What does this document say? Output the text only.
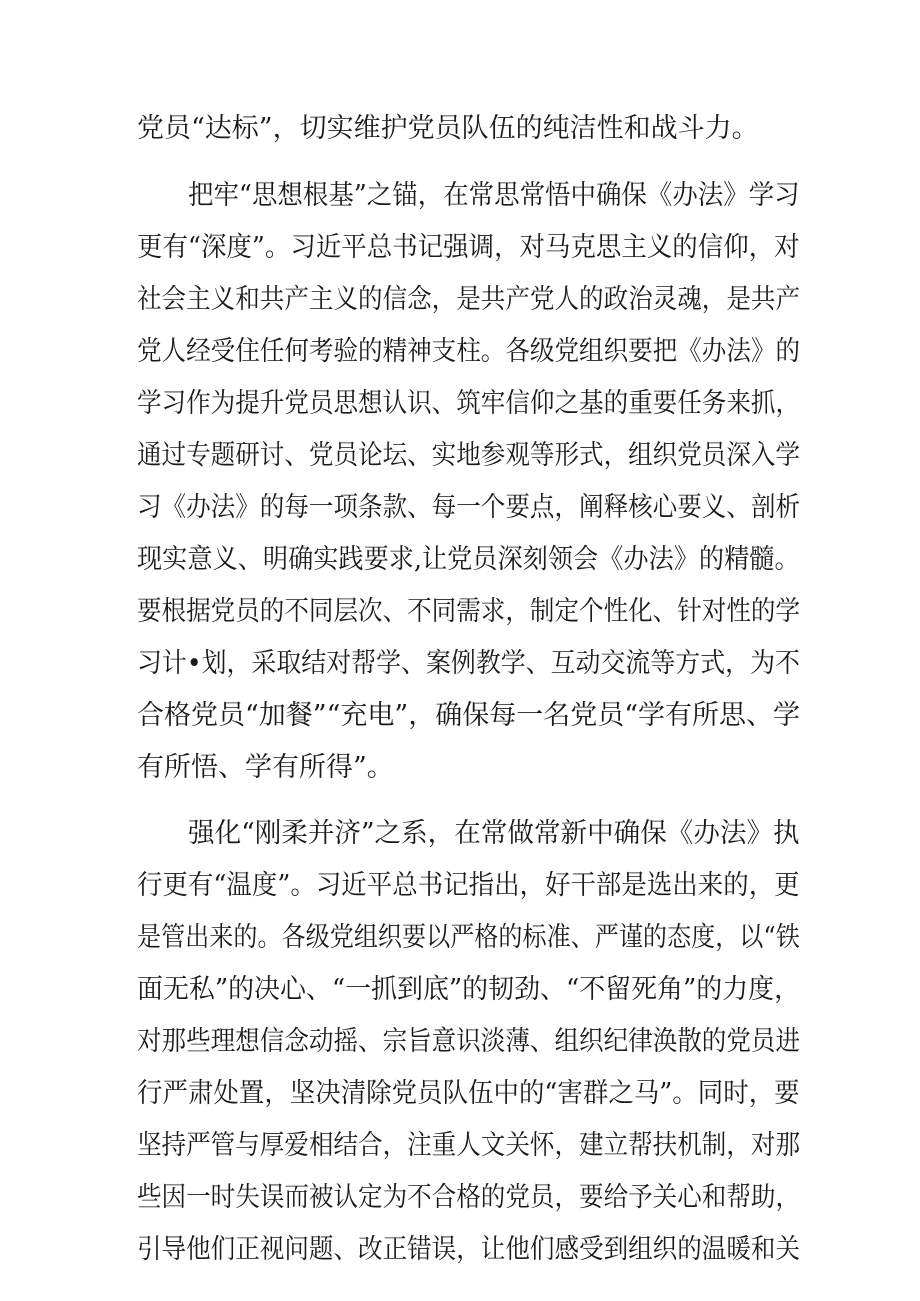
党员“达标”，切实维护党员队伍的纯洁性和战斗力。
把牢“思想根基”之锚，在常思常悟中确保《办法》学习
更有“深度”。习近平总书记强调，对马克思主义的信仰，对
社会主义和共产主义的信念，是共产党人的政治灵魂，是共产
党人经受住任何考验的精神支柱。各级党组织要把《办法》的
学习作为提升党员思想认识、筑牢信仰之基的重要任务来抓，
通过专题研讨、党员论坛、实地参观等形式，组织党员深入学
习《办法》的每一项条款、每一个要点，阐释核心要义、剖析
现实意义、明确实践要求,让党员深刻领会《办法》的精髓。
要根据党员的不同层次、不同需求，制定个性化、针对性的学
习计•划，采取结对帮学、案例教学、互动交流等方式，为不
合格党员“加餐”“充电”，确保每一名党员“学有所思、学
有所悟、学有所得”。
强化“刚柔并济”之系，在常做常新中确保《办法》执
行更有“温度”。习近平总书记指出，好干部是选出来的，更
是管出来的。各级党组织要以严格的标准、严谨的态度，以“铁
面无私”的决心、“一抓到底”的韧劲、“不留死角”的力度，
对那些理想信念动摇、宗旨意识淡薄、组织纪律涣散的党员进
行严肃处置，坚决清除党员队伍中的“害群之马”。同时，要
坚持严管与厚爱相结合，注重人文关怀，建立帮扶机制，对那
些因一时失误而被认定为不合格的党员，要给予关心和帮助，
引导他们正视问题、改正错误，让他们感受到组织的温暖和关
